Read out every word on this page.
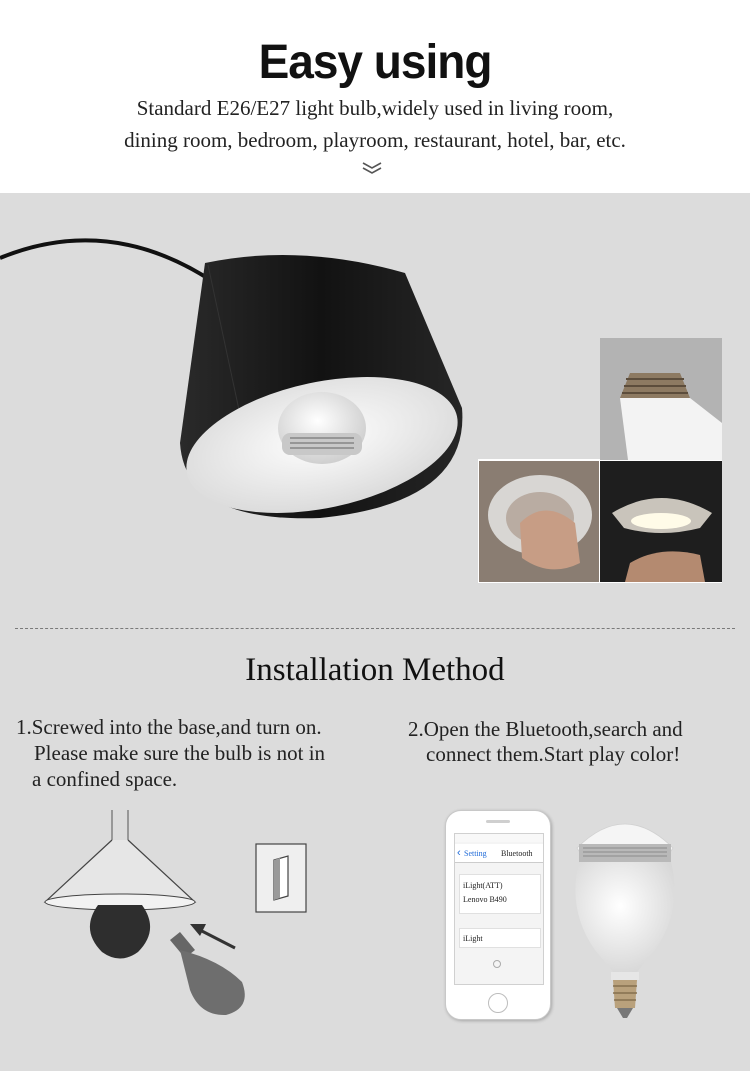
Easy using
Standard E26/E27 light bulb,widely used in living room,
dining room, bedroom, playroom, restaurant, hotel, bar, etc.
Installation Method
1.Screwed into the base,and turn on.
Please make sure the bulb is not in
a confined space.
2.Open the Bluetooth,search and
connect them.Start play color!
‹ Setting Bluetooth
iLight(ATT)
Lenovo B490
iLight
